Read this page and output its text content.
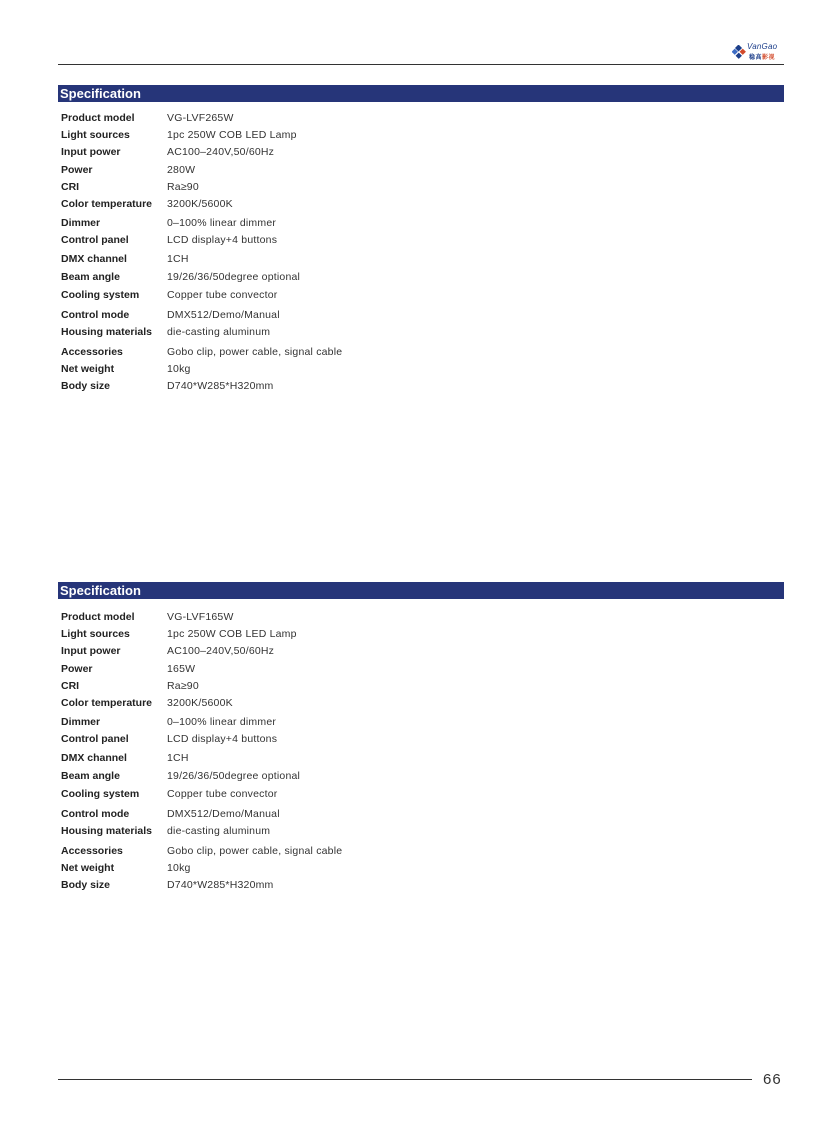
VanGao
稳高影视
Specification
Product model	VG-LVF265W
Light sources	1pc 250W COB LED Lamp
Input power	AC100–240V,50/60Hz
Power	280W
CRI	Ra≥90
Color temperature	3200K/5600K
Dimmer	0–100% linear dimmer
Control panel	LCD display+4 buttons
DMX channel	1CH
Beam angle	19/26/36/50degree optional
Cooling system	Copper tube convector
Control mode	DMX512/Demo/Manual
Housing materials	die-casting aluminum
Accessories	Gobo clip, power cable, signal cable
Net weight	10kg
Body size	D740*W285*H320mm
Specification
Product model	VG-LVF165W
Light sources	1pc 250W COB LED Lamp
Input power	AC100–240V,50/60Hz
Power	165W
CRI	Ra≥90
Color temperature	3200K/5600K
Dimmer	0–100% linear dimmer
Control panel	LCD display+4 buttons
DMX channel	1CH
Beam angle	19/26/36/50degree optional
Cooling system	Copper tube convector
Control mode	DMX512/Demo/Manual
Housing materials	die-casting aluminum
Accessories	Gobo clip, power cable, signal cable
Net weight	10kg
Body size	D740*W285*H320mm
66
